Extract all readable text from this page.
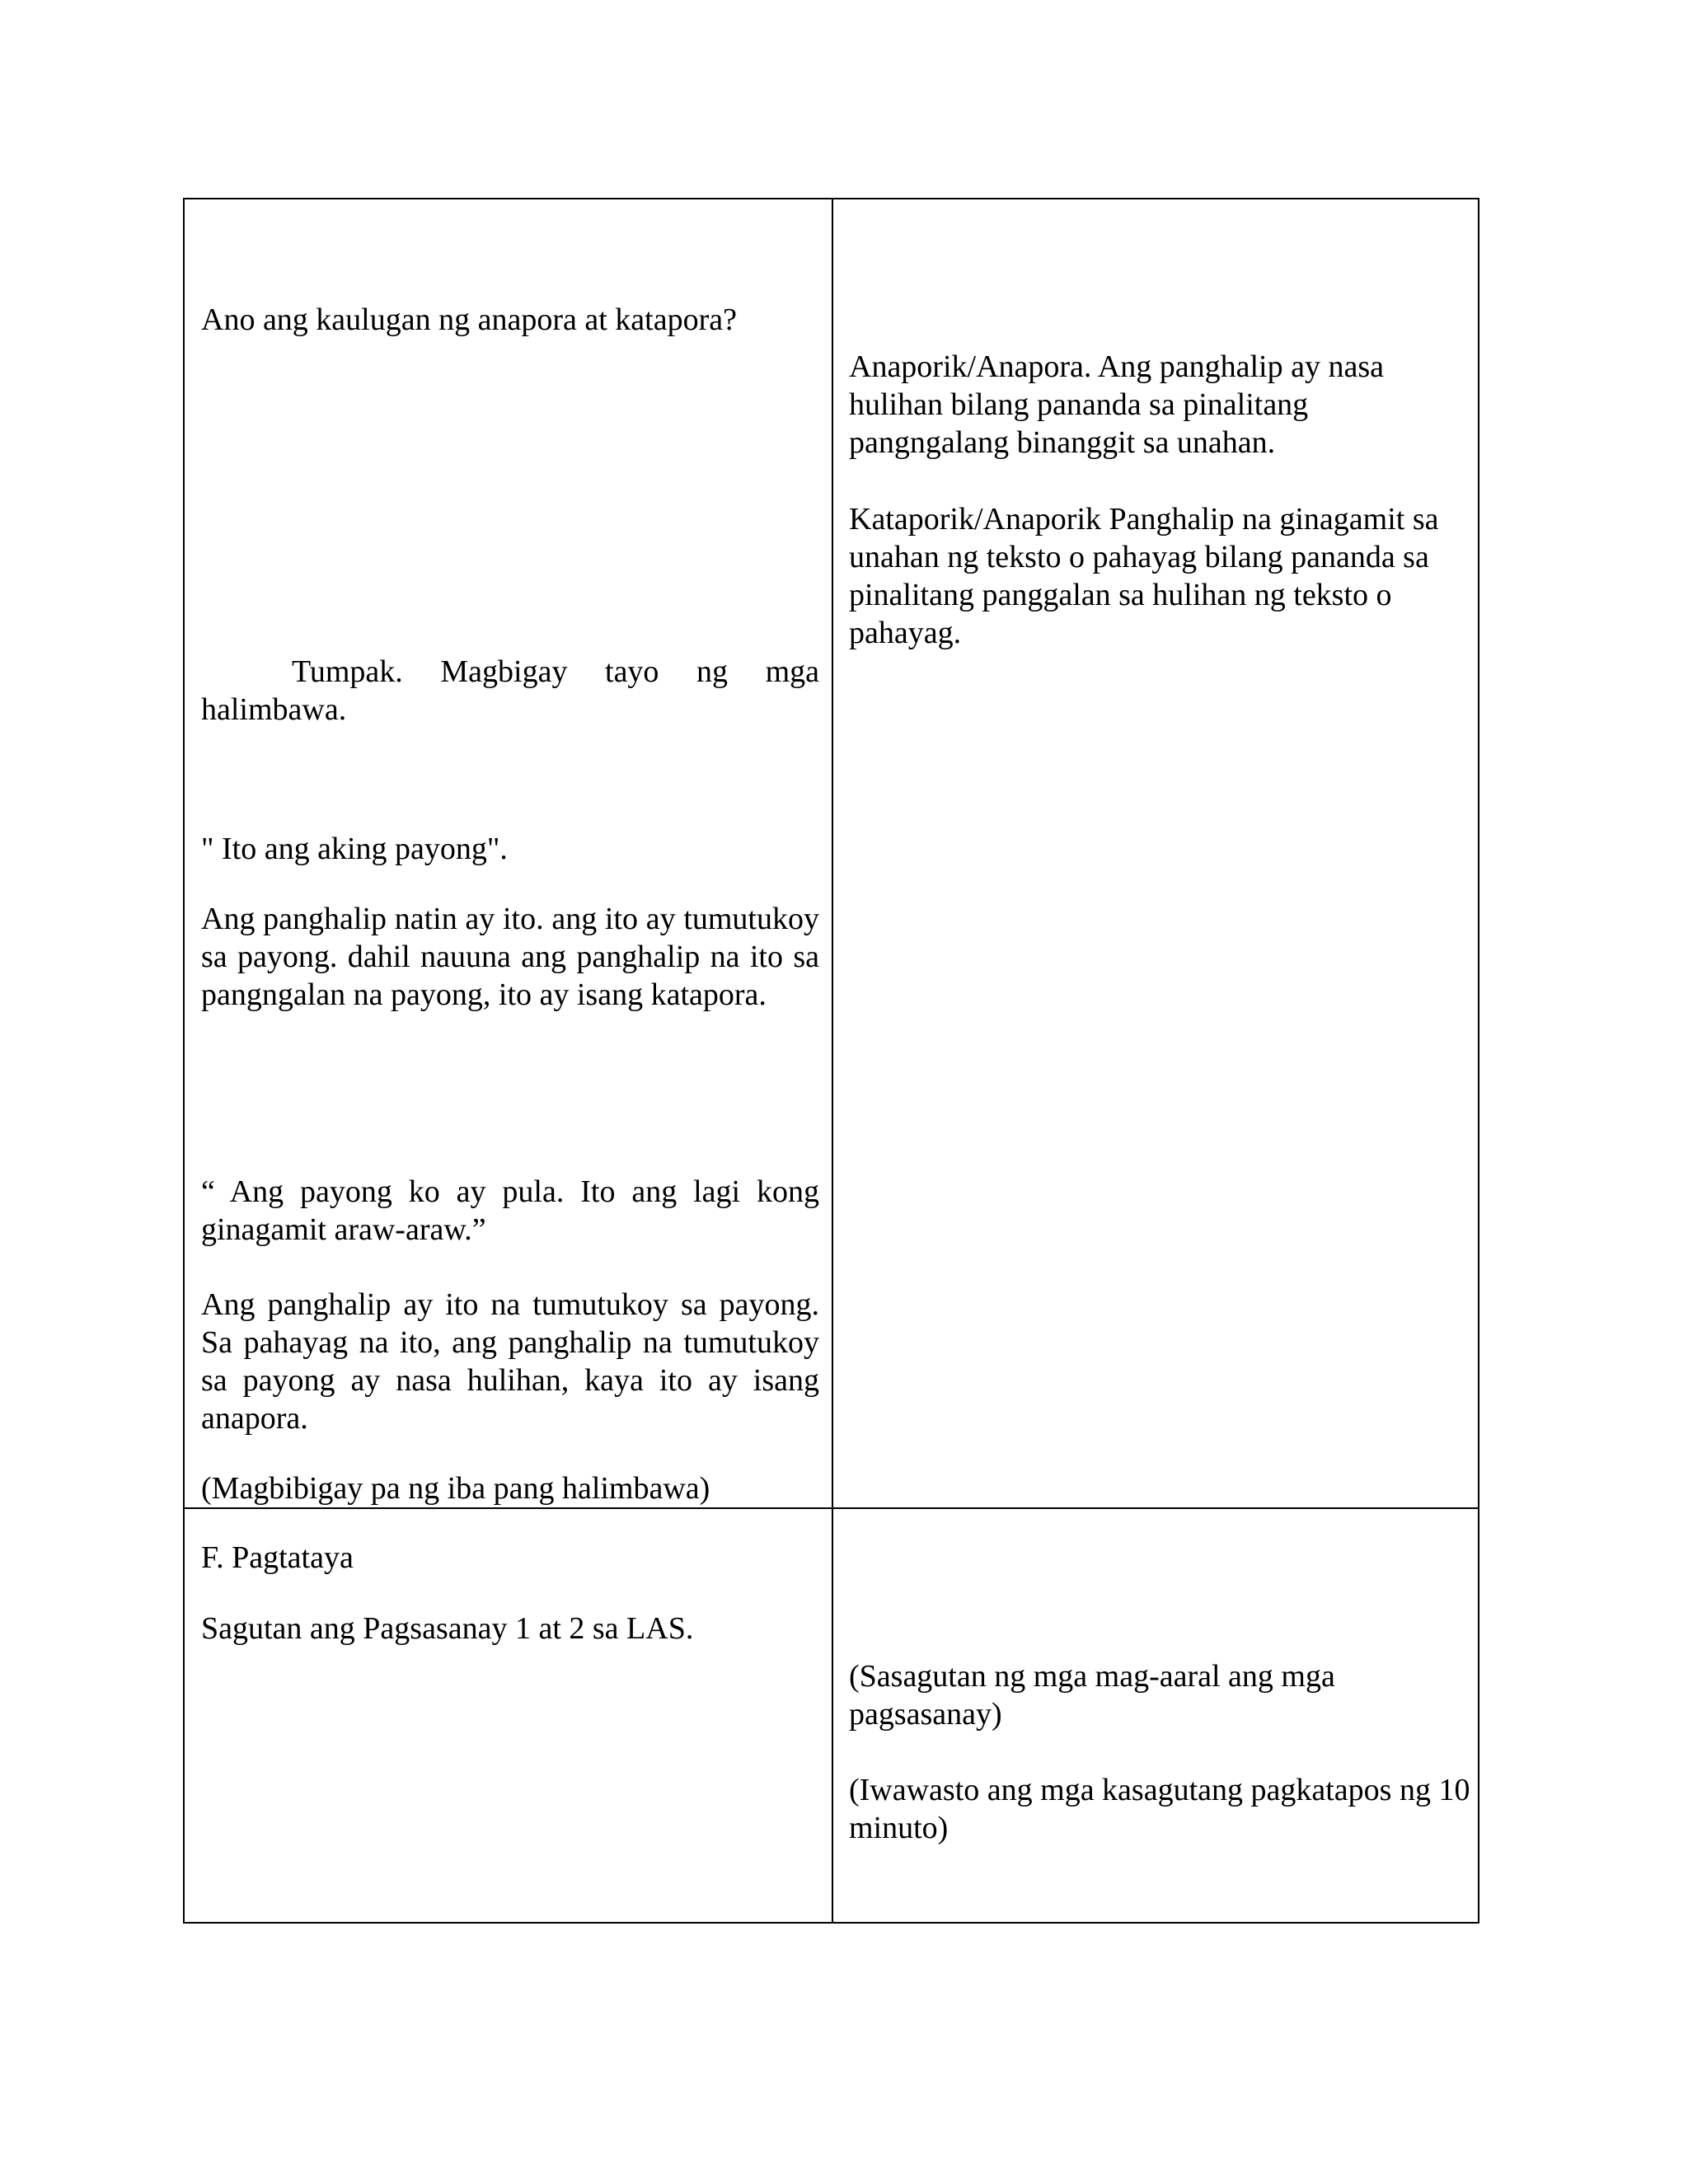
Ano ang kaulugan ng anapora at katapora?

Tumpak. Magbigay tayo ng mga halimbawa.

" Ito ang aking payong".

Ang panghalip natin ay ito. ang ito ay tumutukoy sa payong. dahil nauuna ang panghalip na ito sa pangngalan na payong, ito ay isang katapora.

“ Ang payong ko ay pula. Ito ang lagi kong ginagamit araw-araw.”

Ang panghalip ay ito na tumutukoy sa payong. Sa pahayag na ito, ang panghalip na tumutukoy sa payong ay nasa hulihan, kaya ito ay isang anapora.

(Magbibigay pa ng iba pang halimbawa)

Anaporik/Anapora. Ang panghalip ay nasa hulihan bilang pananda sa pinalitang pangngalang binanggit sa unahan.

Kataporik/Anaporik Panghalip na ginagamit sa unahan ng teksto o pahayag bilang pananda sa pinalitang panggalan sa hulihan ng teksto o pahayag.

F. Pagtataya

Sagutan ang Pagsasanay 1 at 2 sa LAS.

(Sasagutan ng mga mag-aaral ang mga pagsasanay)

(Iwawasto ang mga kasagutang pagkatapos ng 10 minuto)
